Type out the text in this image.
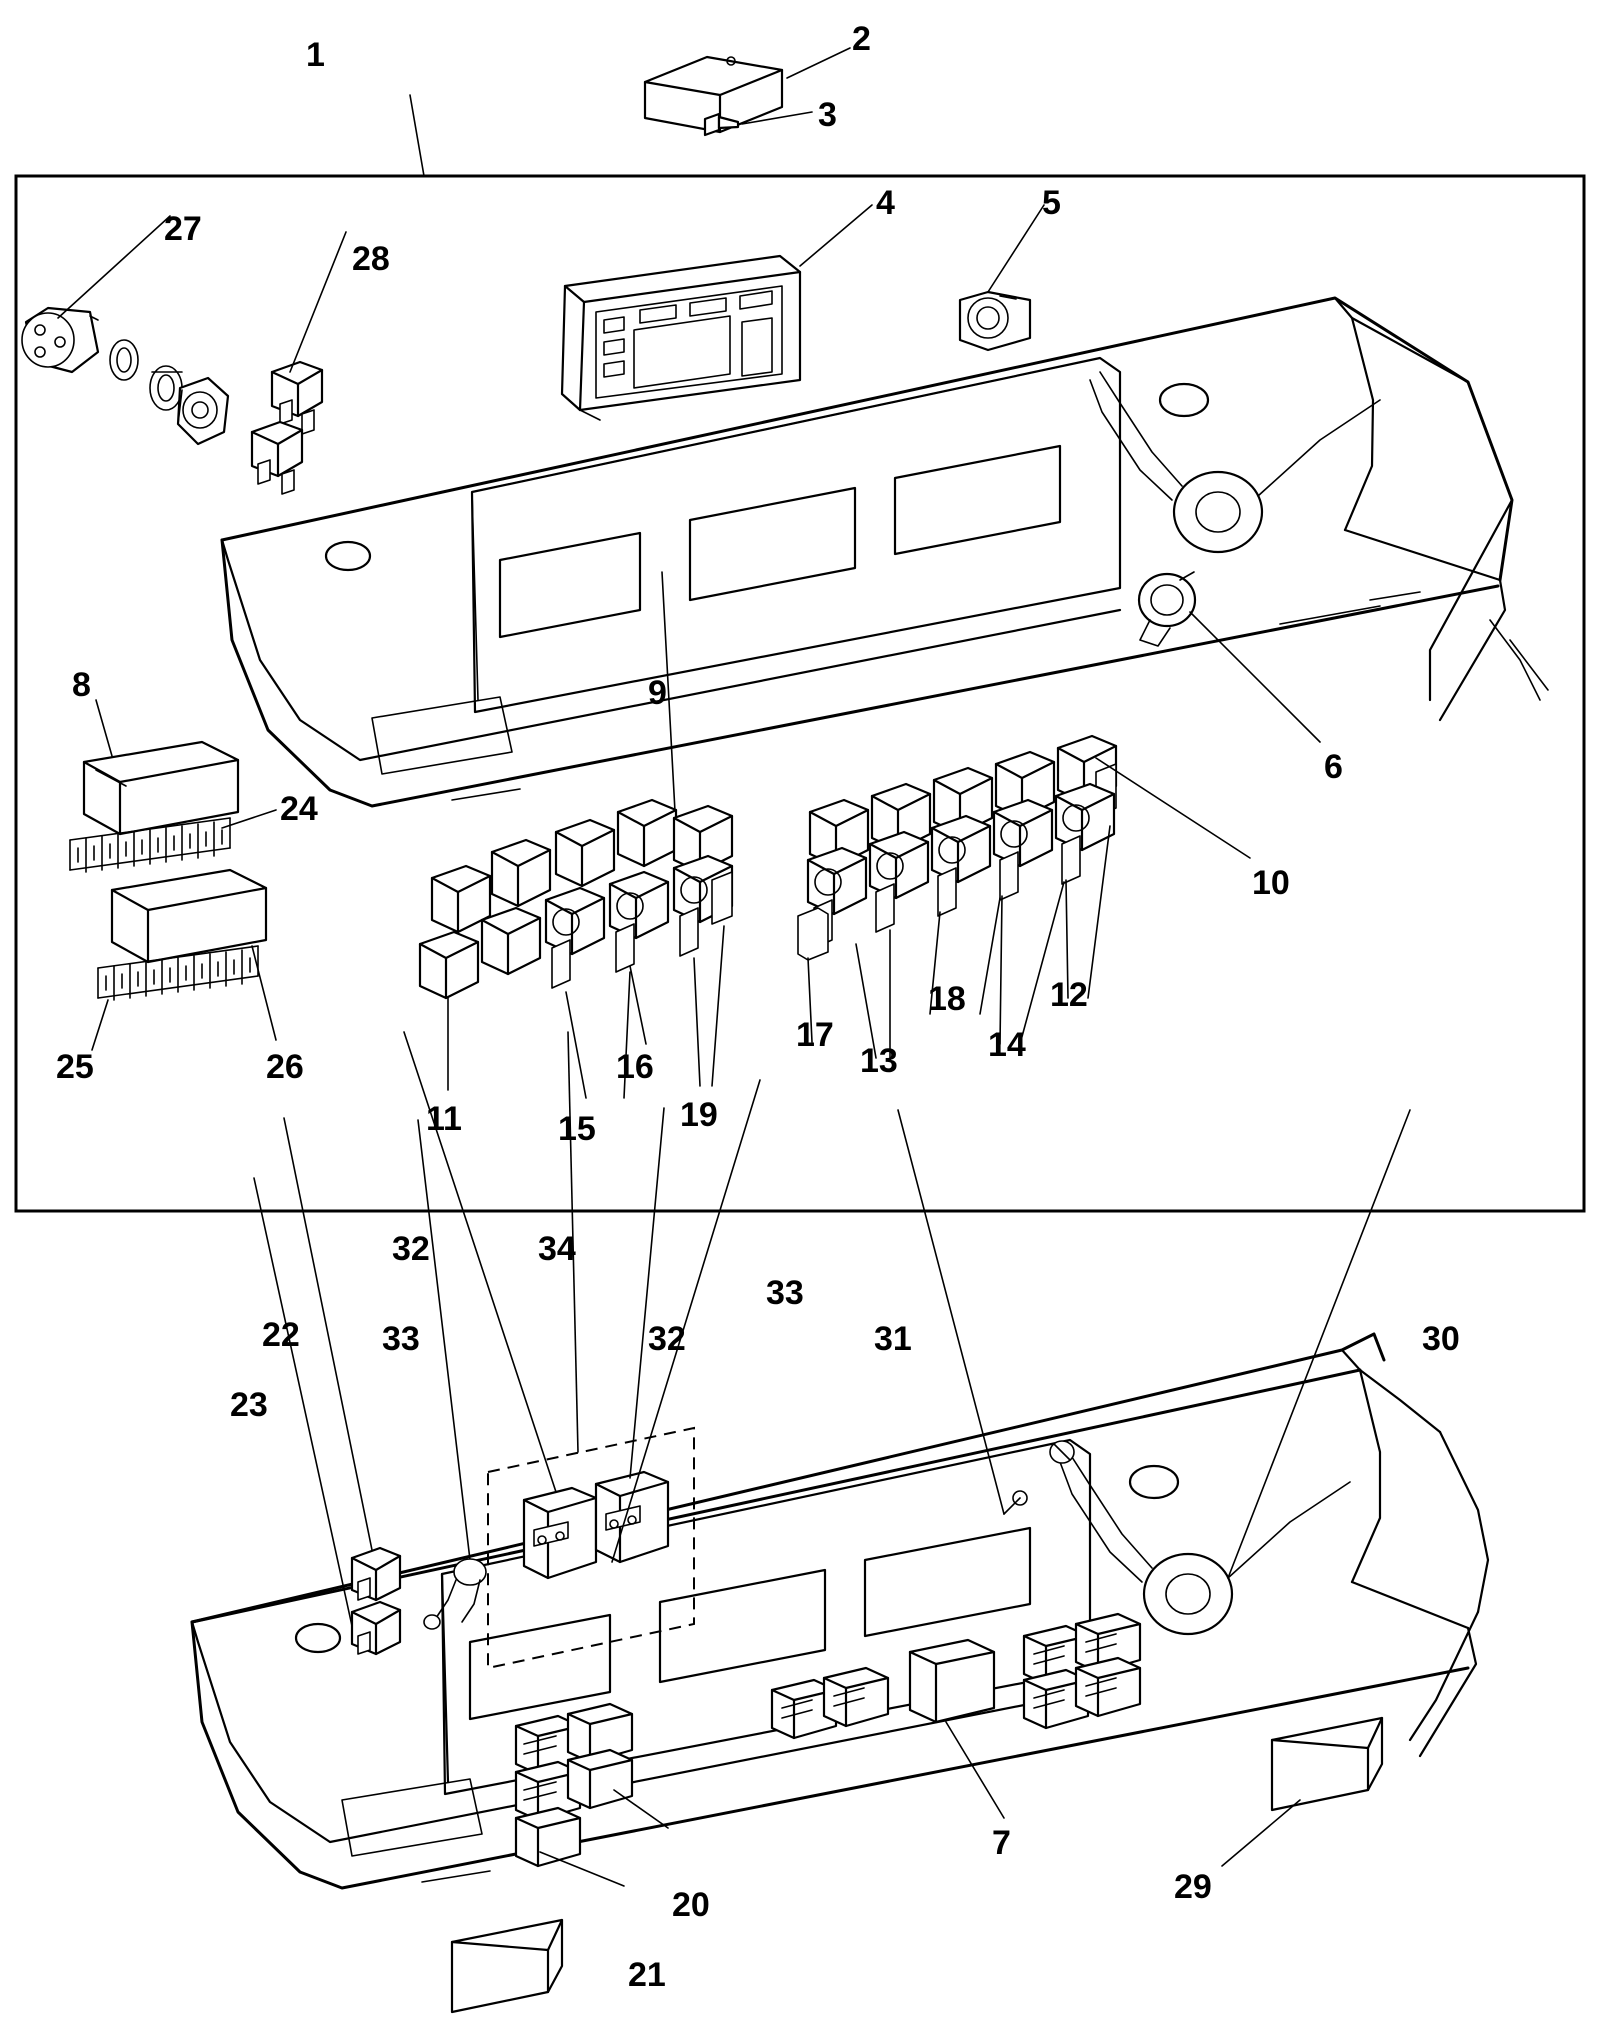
1	2
3
4	5
6
7
8	9
10
11
12
13	14
15
16
17
18
19
20
21
22
23
24
25	26
27
28
29
30
31
32
33
34
32
33
